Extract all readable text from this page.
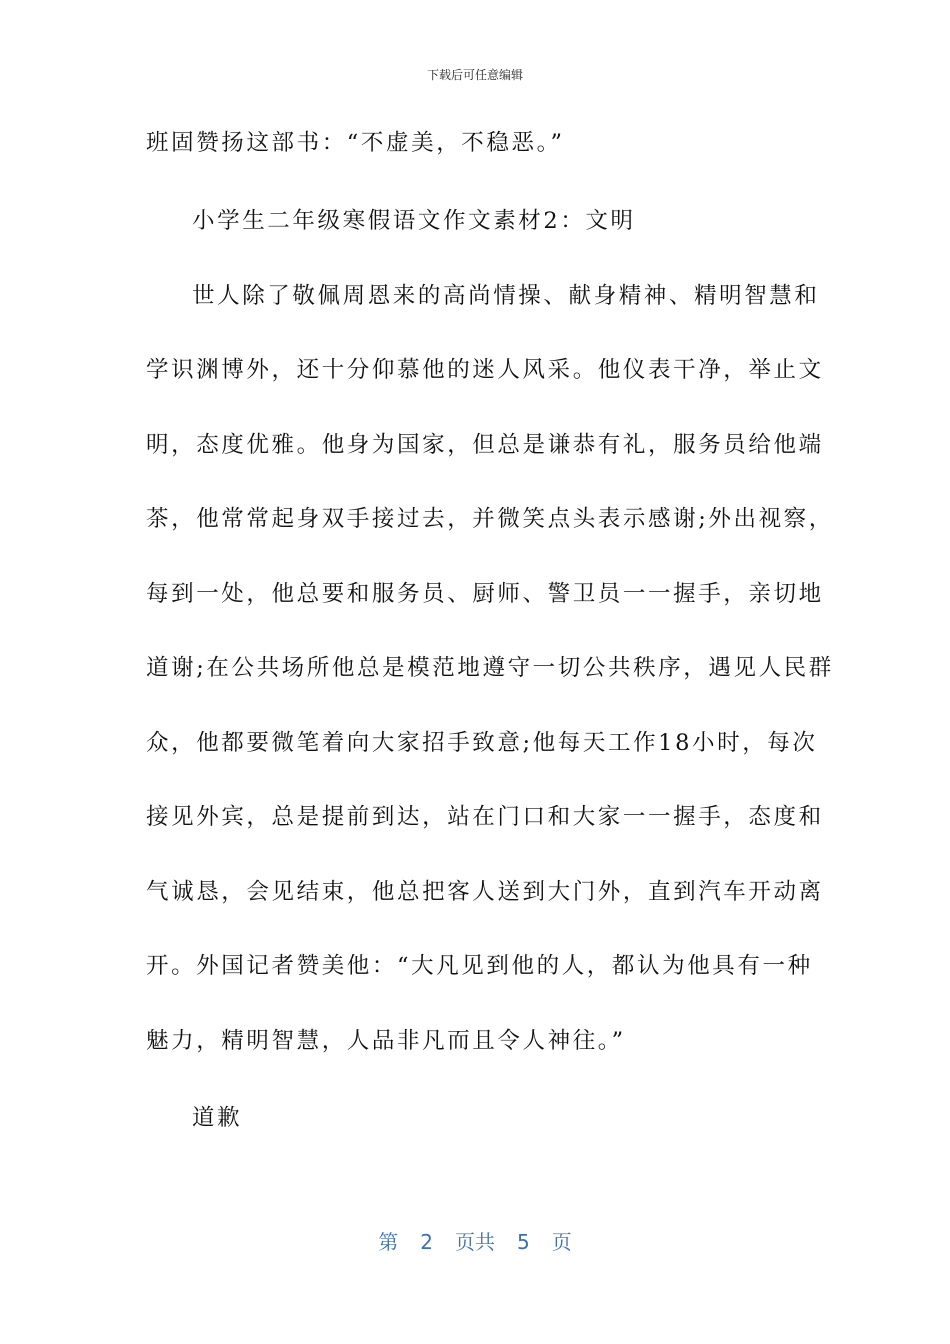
下载后可任意编辑
班固赞扬这部书：“不虚美，不稳恶。”
小学生二年级寒假语文作文素材2：文明
世人除了敬佩周恩来的高尚情操、献身精神、精明智慧和
学识渊博外，还十分仰慕他的迷人风采。他仪表干净，举止文
明，态度优雅。他身为国家，但总是谦恭有礼，服务员给他端
茶，他常常起身双手接过去，并微笑点头表示感谢;外出视察，
每到一处，他总要和服务员、厨师、警卫员一一握手，亲切地
道谢;在公共场所他总是模范地遵守一切公共秩序，遇见人民群
众，他都要微笔着向大家招手致意;他每天工作18小时，每次
接见外宾，总是提前到达，站在门口和大家一一握手，态度和
气诚恳，会见结束，他总把客人送到大门外，直到汽车开动离
开。外国记者赞美他：“大凡见到他的人，都认为他具有一种
魅力，精明智慧，人品非凡而且令人神往。”
道歉
第 2 页共 5 页
